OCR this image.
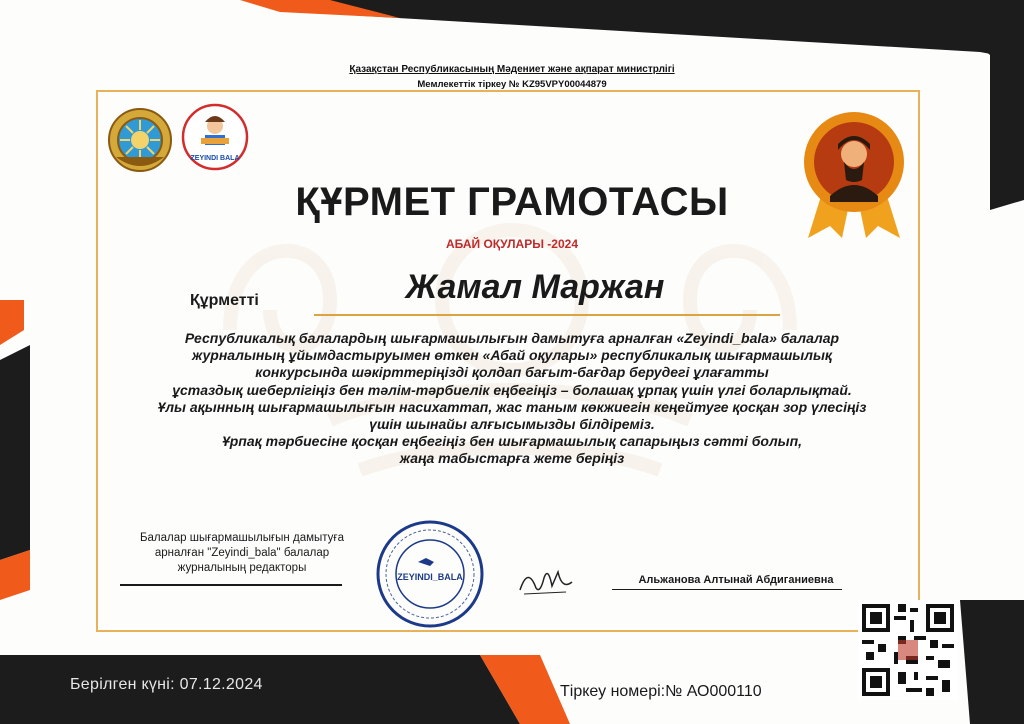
Қазақстан Республикасының Мәдениет және ақпарат министрлігі
Мемлекеттік тіркеу № KZ95VPY00044879
ZEYINDI BALA
ҚҰРМЕТ ГРАМОТАСЫ
АБАЙ ОҚУЛАРЫ -2024
Құрметті	Жамал Маржан

Республикалық балалардың шығармашылығын дамытуға арналған «Zeyindi_bala» балалар
журналының ұйымдастыруымен өткен «Абай оқулары» республикалық шығармашылық
конкурсында шәкірттеріңізді қолдап бағыт-бағдар берудегі ұлағатты
ұстаздық шеберлігіңіз бен тәлім-тәрбиелік еңбегіңіз – болашақ ұрпақ үшін үлгі боларлықтай.
Ұлы ақынның шығармашылығын насихаттап, жас таным көкжиегін кеңейтуге қосқан зор үлесіңіз
үшін шынайы алғысымызды білдіреміз.
Ұрпақ тәрбиесіне қосқан еңбегіңіз бен шығармашылық сапарыңыз сәтті болып,
жаңа табыстарға жете беріңіз

Балалар шығармашылығын дамытуға
арналған "Zeyindi_bala" балалар
журналының редакторы
ZEYINDI_BALA	Альжанова Алтынай Абдиганиевна
Берілген күні: 07.12.2024	Тіркеу номері:№ АО000110
